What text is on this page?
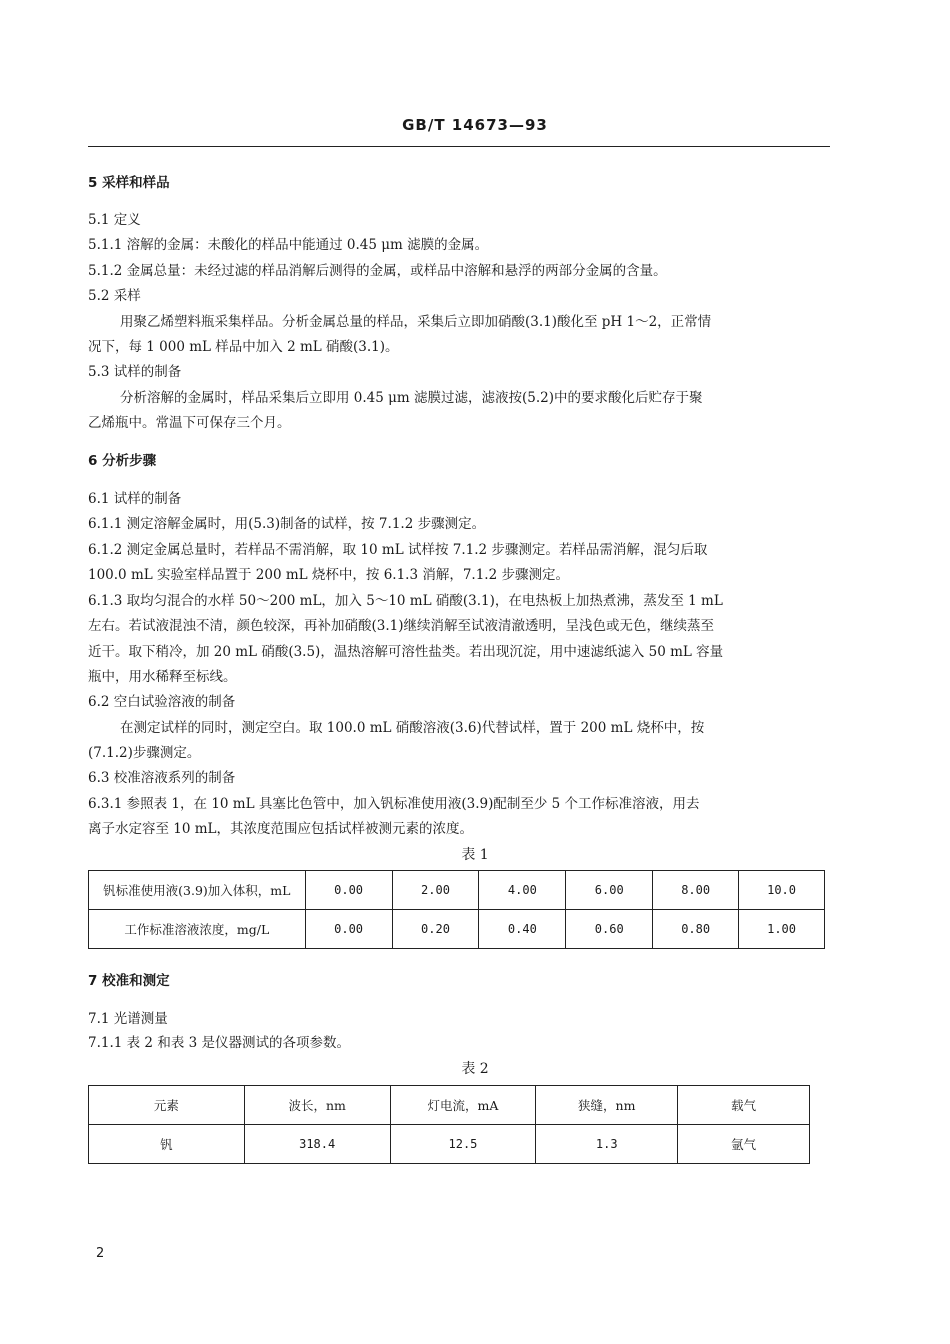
GB/T 14673—93
5 采样和样品
5.1 定义
5.1.1 溶解的金属：未酸化的样品中能通过 0.45 μm 滤膜的金属。
5.1.2 金属总量：未经过滤的样品消解后测得的金属，或样品中溶解和悬浮的两部分金属的含量。
5.2 采样
用聚乙烯塑料瓶采集样品。分析金属总量的样品，采集后立即加硝酸(3.1)酸化至 pH 1～2，正常情
况下，每 1 000 mL 样品中加入 2 mL 硝酸(3.1)。
5.3 试样的制备
分析溶解的金属时，样品采集后立即用 0.45 μm 滤膜过滤，滤液按(5.2)中的要求酸化后贮存于聚
乙烯瓶中。常温下可保存三个月。
6 分析步骤
6.1 试样的制备
6.1.1 测定溶解金属时，用(5.3)制备的试样，按 7.1.2 步骤测定。
6.1.2 测定金属总量时，若样品不需消解，取 10 mL 试样按 7.1.2 步骤测定。若样品需消解，混匀后取
100.0 mL 实验室样品置于 200 mL 烧杯中，按 6.1.3 消解，7.1.2 步骤测定。
6.1.3 取均匀混合的水样 50～200 mL，加入 5～10 mL 硝酸(3.1)，在电热板上加热煮沸，蒸发至 1 mL
左右。若试液混浊不清，颜色较深，再补加硝酸(3.1)继续消解至试液清澈透明，呈浅色或无色，继续蒸至
近干。取下稍冷，加 20 mL 硝酸(3.5)，温热溶解可溶性盐类。若出现沉淀，用中速滤纸滤入 50 mL 容量
瓶中，用水稀释至标线。
6.2 空白试验溶液的制备
在测定试样的同时，测定空白。取 100.0 mL 硝酸溶液(3.6)代替试样，置于 200 mL 烧杯中，按
(7.1.2)步骤测定。
6.3 校准溶液系列的制备
6.3.1 参照表 1，在 10 mL 具塞比色管中，加入钒标准使用液(3.9)配制至少 5 个工作标准溶液，用去
离子水定容至 10 mL，其浓度范围应包括试样被测元素的浓度。
表 1
钒标准使用液(3.9)加入体积，mL	0.00	2.00	4.00	6.00	8.00	10.0
工作标准溶液浓度，mg/L	0.00	0.20	0.40	0.60	0.80	1.00
7 校准和测定
7.1 光谱测量
7.1.1 表 2 和表 3 是仪器测试的各项参数。
表 2
元素	波长，nm	灯电流，mA	狭缝，nm	载气
钒	318.4	12.5	1.3	氩气
2
